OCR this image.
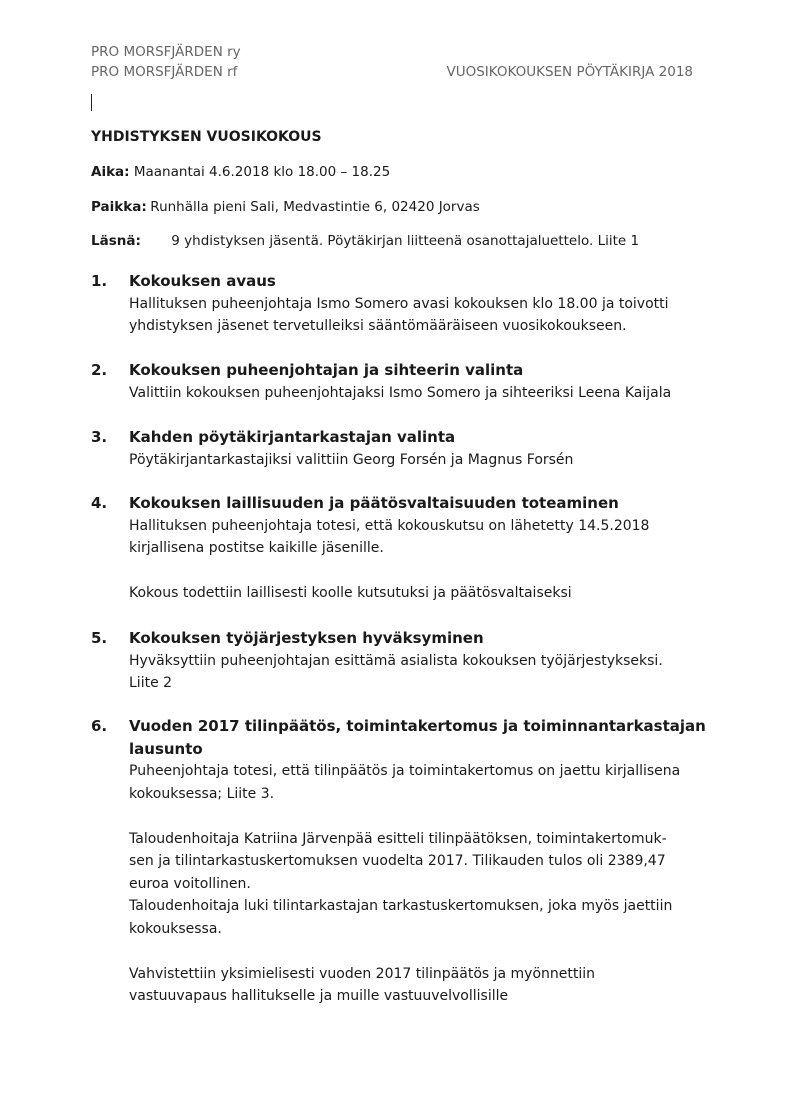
PRO MORSFJÄRDEN ry
PRO MORSFJÄRDEN rf	VUOSIKOKOUKSEN PÖYTÄKIRJA 2018
YHDISTYKSEN VUOSIKOKOUS
Aika: Maanantai 4.6.2018 klo 18.00 – 18.25
Paikka: Runhälla pieni Sali, Medvastintie 6, 02420 Jorvas
Läsnä: 9 yhdistyksen jäsentä. Pöytäkirjan liitteenä osanottajaluettelo. Liite 1
1. Kokouksen avaus
Hallituksen puheenjohtaja Ismo Somero avasi kokouksen klo 18.00 ja toivotti
yhdistyksen jäsenet tervetulleiksi sääntömääräiseen vuosikokoukseen.
2. Kokouksen puheenjohtajan ja sihteerin valinta
Valittiin kokouksen puheenjohtajaksi Ismo Somero ja sihteeriksi Leena Kaijala
3. Kahden pöytäkirjantarkastajan valinta
Pöytäkirjantarkastajiksi valittiin Georg Forsén ja Magnus Forsén
4. Kokouksen laillisuuden ja päätösvaltaisuuden toteaminen
Hallituksen puheenjohtaja totesi, että kokouskutsu on lähetetty 14.5.2018
kirjallisena postitse kaikille jäsenille.
Kokous todettiin laillisesti koolle kutsutuksi ja päätösvaltaiseksi
5. Kokouksen työjärjestyksen hyväksyminen
Hyväksyttiin puheenjohtajan esittämä asialista kokouksen työjärjestykseksi.
Liite 2
6. Vuoden 2017 tilinpäätös, toimintakertomus ja toiminnantarkastajan
lausunto
Puheenjohtaja totesi, että tilinpäätös ja toimintakertomus on jaettu kirjallisena
kokouksessa; Liite 3.
Taloudenhoitaja Katriina Järvenpää esitteli tilinpäätöksen, toimintakertomuk-
sen ja tilintarkastuskertomuksen vuodelta 2017. Tilikauden tulos oli 2389,47
euroa voitollinen.
Taloudenhoitaja luki tilintarkastajan tarkastuskertomuksen, joka myös jaettiin
kokouksessa.
Vahvistettiin yksimielisesti vuoden 2017 tilinpäätös ja myönnettiin
vastuuvapaus hallitukselle ja muille vastuuvelvollisille
